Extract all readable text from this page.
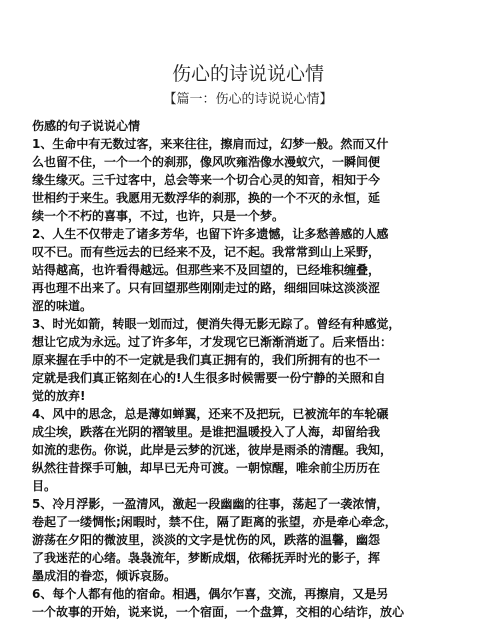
伤心的诗说说心情
【篇一：伤心的诗说说心情】
伤感的句子说说心情
1、生命中有无数过客，来来往往，擦肩而过，幻梦一般。然而又什
么也留不住，一个一个的刹那，像风吹雍浩像水漫蚁穴，一瞬间便
缘生缘灭。三千过客中，总会等来一个切合心灵的知音，相知于今
世相约于来生。我愿用无数浮华的刹那，换的一个不灭的永恒，延
续一个不朽的喜事，不过，也许，只是一个梦。
2、人生不仅带走了诸多芳华，也留下许多遗憾，让多愁善感的人感
叹不已。而有些远去的已经来不及，记不起。我常常到山上采野，
站得越高，也许看得越远。但那些来不及回望的，已经堆积缠叠，
再也理不出来了。只有回望那些刚刚走过的路，细细回味这淡淡涩
涩的味道。
3、时光如箭，转眼一划而过，便消失得无影无踪了。曾经有种感觉，
想让它成为永远。过了许多年，才发现它已渐渐消逝了。后来悟出：
原来握在手中的不一定就是我们真正拥有的，我们所拥有的也不一
定就是我们真正铭刻在心的!人生很多时候需要一份宁静的关照和自
觉的放弃!
4、风中的思念，总是薄如蝉翼，还来不及把玩，已被流年的车轮碾
成尘埃，跌落在光阴的褶皱里。是谁把温暖投入了人海，却留给我
如流的悲伤。你说，此岸是云梦的沉迷，彼岸是雨杀的清醒。我知，
纵然往昔探手可触，却早已无舟可渡。一朝惊醒，唯余前尘历历在
目。
5、冷月浮影，一盈清风，激起一段幽幽的往事，荡起了一袭浓情，
卷起了一缕惆怅;闲暇时，禁不住，隔了距离的张望，亦是牵心牵念，
游荡在夕阳的微波里，淡淡的文字是忧伤的风，跌落的温馨，幽怨
了我迷茫的心绪。袅袅流年，梦断成烟，依稀抚弄时光的影子，挥
墨成泪的眷恋，倾诉哀肠。
6、每个人都有他的宿命。相遇，偶尔乍喜，交流，再擦肩，又是另
一个故事的开始，说来说，一个宿面，一个盘算，交相的心结诈，放心
